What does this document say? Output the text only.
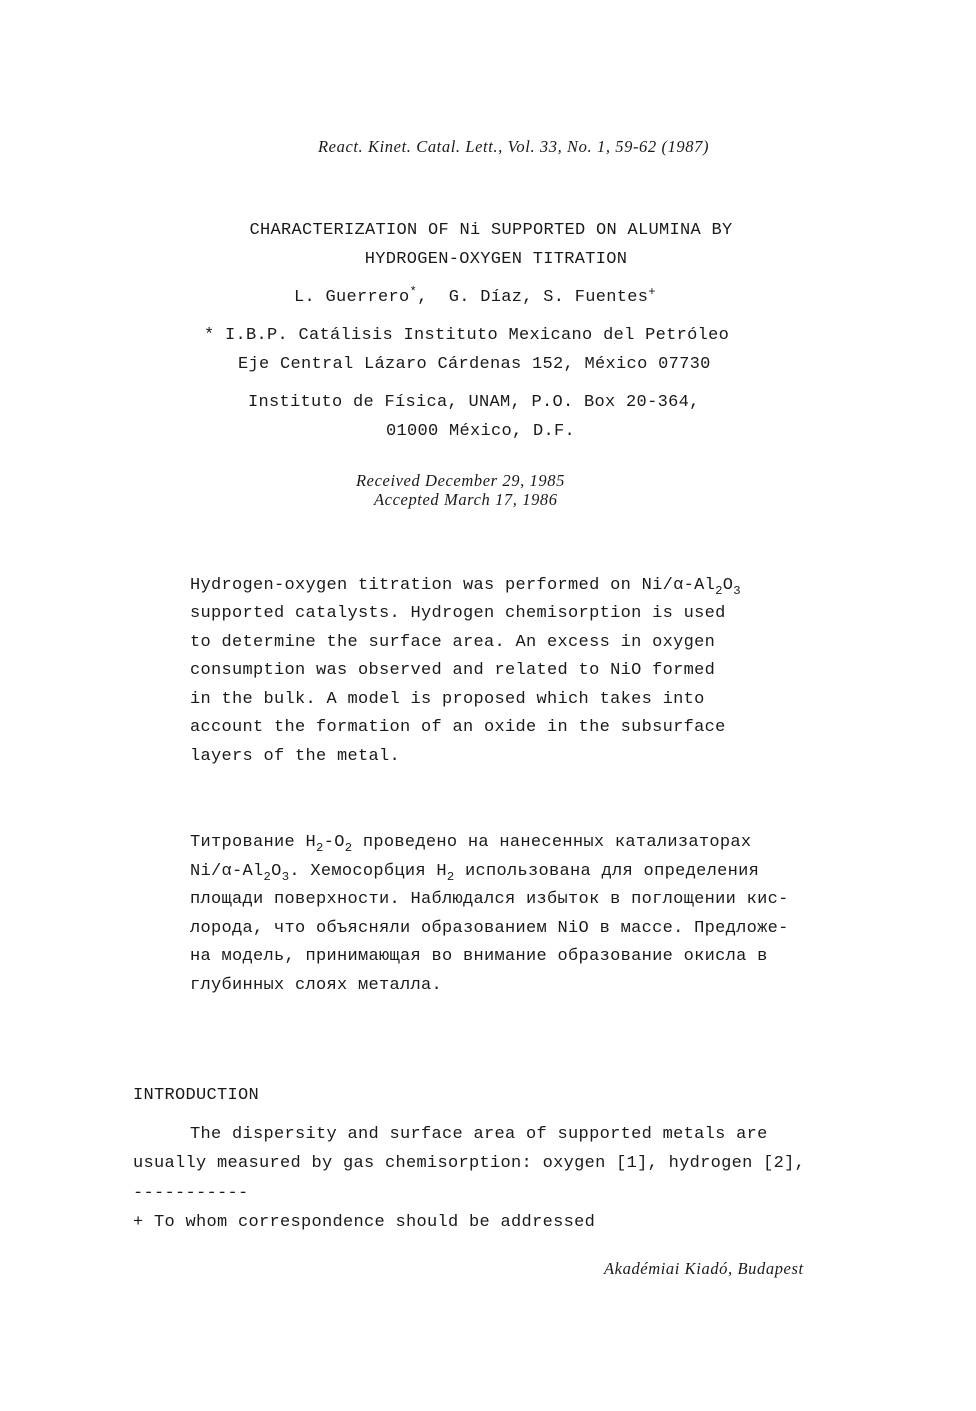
React. Kinet. Catal. Lett., Vol. 33, No. 1, 59-62 (1987)
CHARACTERIZATION OF Ni SUPPORTED ON ALUMINA BY
HYDROGEN-OXYGEN TITRATION
L. Guerrero*, G. Díaz, S. Fuentes+
* I.B.P. Catálisis Instituto Mexicano del Petróleo
Eje Central Lázaro Cárdenas 152, México 07730
Instituto de Física, UNAM, P.O. Box 20-364,
01000 México, D.F.
Received December 29, 1985
Accepted March 17, 1986
Hydrogen-oxygen titration was performed on $Ni/\alpha-Al_2O_3$
supported catalysts. Hydrogen chemisorption is used
to determine the surface area. An excess in oxygen
consumption was observed and related to NiO formed
in the bulk. A model is proposed which takes into
account the formation of an oxide in the subsurface
layers of the metal.
Титрование $H_2-O_2$ проведено на нанесенных катализаторах
$Ni/\alpha-Al_2O_3$. Хемосорбция $H_2$ использована для определения
площади поверхности. Наблюдался избыток в поглощении кис-
лорода, что объясняли образованием NiO в массе. Предложе-
на модель, принимающая во внимание образование окисла в
глубинных слоях металла.
INTRODUCTION
The dispersity and surface area of supported metals are
usually measured by gas chemisorption: oxygen [1], hydrogen [2],
-----------
+ To whom correspondence should be addressed
Akadémiai Kiadó, Budapest
